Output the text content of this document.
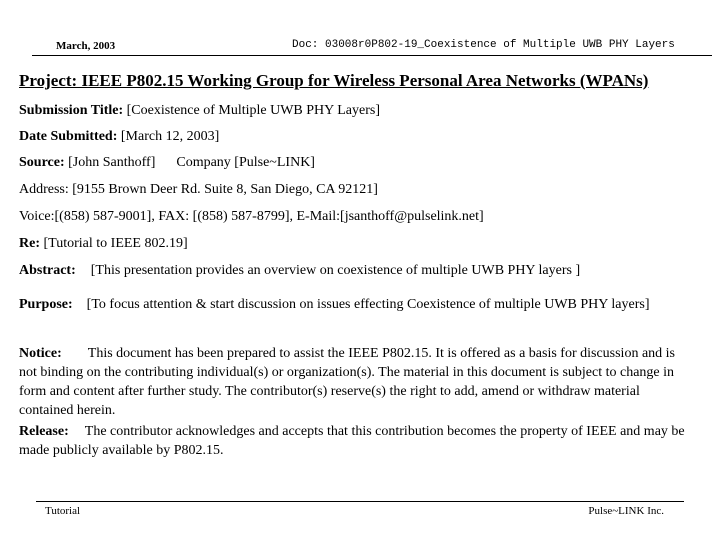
March, 2003	Doc: 03008r0P802-19_Coexistence of Multiple UWB PHY Layers
Project: IEEE P802.15 Working Group for Wireless Personal Area Networks (WPANs)
Submission Title: [Coexistence of Multiple UWB PHY Layers]
Date Submitted: [March 12, 2003]
Source: [John Santhoff] Company [Pulse~LINK]
Address: [9155 Brown Deer Rd. Suite 8, San Diego, CA 92121]
Voice:[(858) 587-9001], FAX: [(858) 587-8799], E-Mail:[jsanthoff@pulselink.net]
Re: [Tutorial to IEEE 802.19]
Abstract: [This presentation provides an overview on coexistence of multiple UWB PHY layers ]
Purpose: [To focus attention & start discussion on issues effecting Coexistence of multiple UWB PHY layers]
Notice: This document has been prepared to assist the IEEE P802.15. It is offered as a basis for discussion and is not binding on the contributing individual(s) or organization(s). The material in this document is subject to change in form and content after further study. The contributor(s) reserve(s) the right to add, amend or withdraw material contained herein.
Release: The contributor acknowledges and accepts that this contribution becomes the property of IEEE and may be made publicly available by P802.15.
Tutorial	Pulse~LINK Inc.
